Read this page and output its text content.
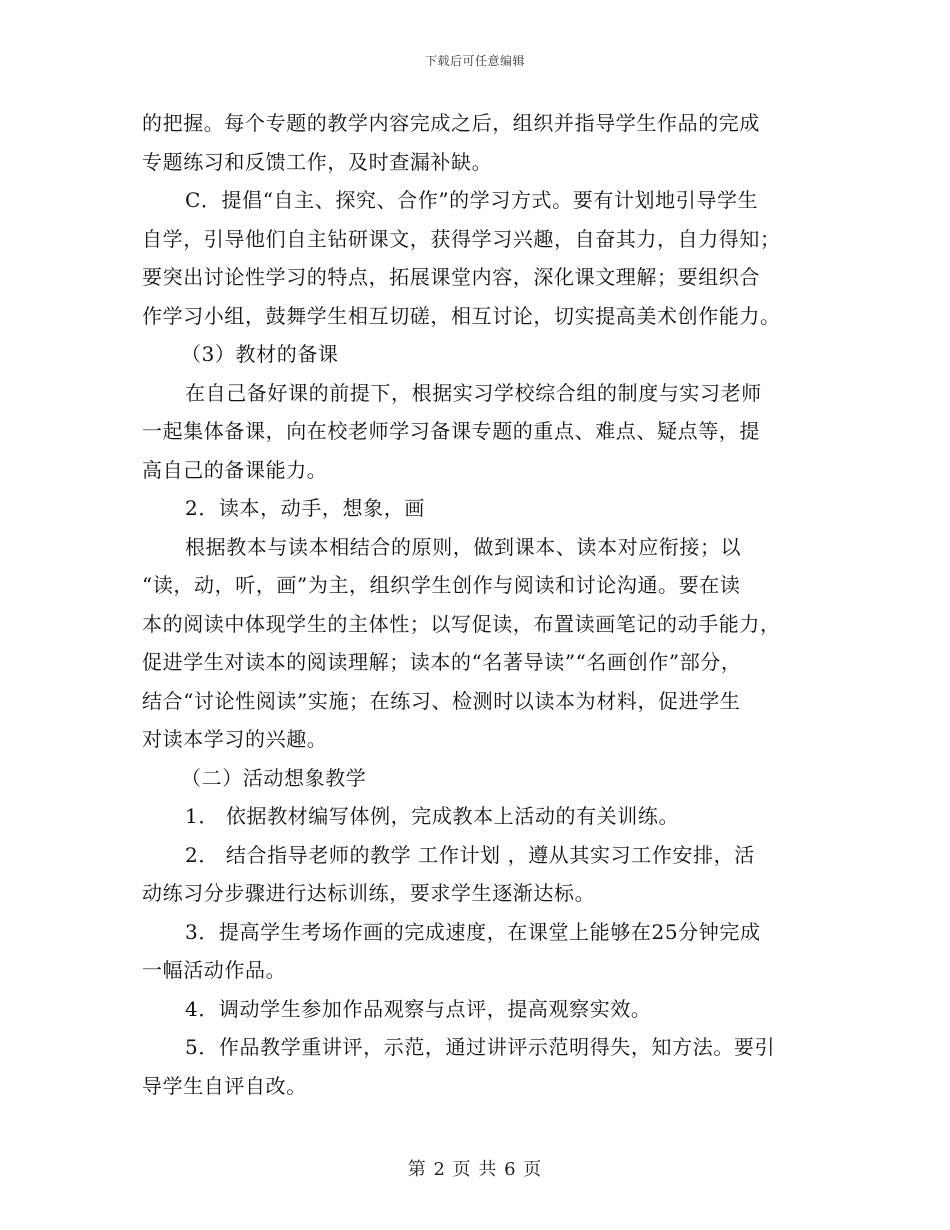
下载后可任意编辑
的把握。每个专题的教学内容完成之后，组织并指导学生作品的完成
专题练习和反馈工作，及时查漏补缺。
C．提倡“自主、探究、合作”的学习方式。要有计划地引导学生
自学，引导他们自主钻研课文，获得学习兴趣，自奋其力，自力得知；
要突出讨论性学习的特点，拓展课堂内容，深化课文理解；要组织合
作学习小组，鼓舞学生相互切磋，相互讨论，切实提高美术创作能力。
（3）教材的备课
在自己备好课的前提下，根据实习学校综合组的制度与实习老师
一起集体备课，向在校老师学习备课专题的重点、难点、疑点等，提
高自己的备课能力。
2．读本，动手，想象，画
根据教本与读本相结合的原则，做到课本、读本对应衔接；以
“读，动，听，画”为主，组织学生创作与阅读和讨论沟通。要在读
本的阅读中体现学生的主体性；以写促读，布置读画笔记的动手能力，
促进学生对读本的阅读理解；读本的“名著导读”“名画创作”部分，
结合“讨论性阅读”实施；在练习、检测时以读本为材料，促进学生
对读本学习的兴趣。
（二）活动想象教学
1． 依据教材编写体例，完成教本上活动的有关训练。
2． 结合指导老师的教学 工作计划 ，遵从其实习工作安排，活
动练习分步骤进行达标训练，要求学生逐渐达标。
3．提高学生考场作画的完成速度，在课堂上能够在25分钟完成
一幅活动作品。
4．调动学生参加作品观察与点评，提高观察实效。
5．作品教学重讲评，示范，通过讲评示范明得失，知方法。要引
导学生自评自改。
第 2 页 共 6 页
